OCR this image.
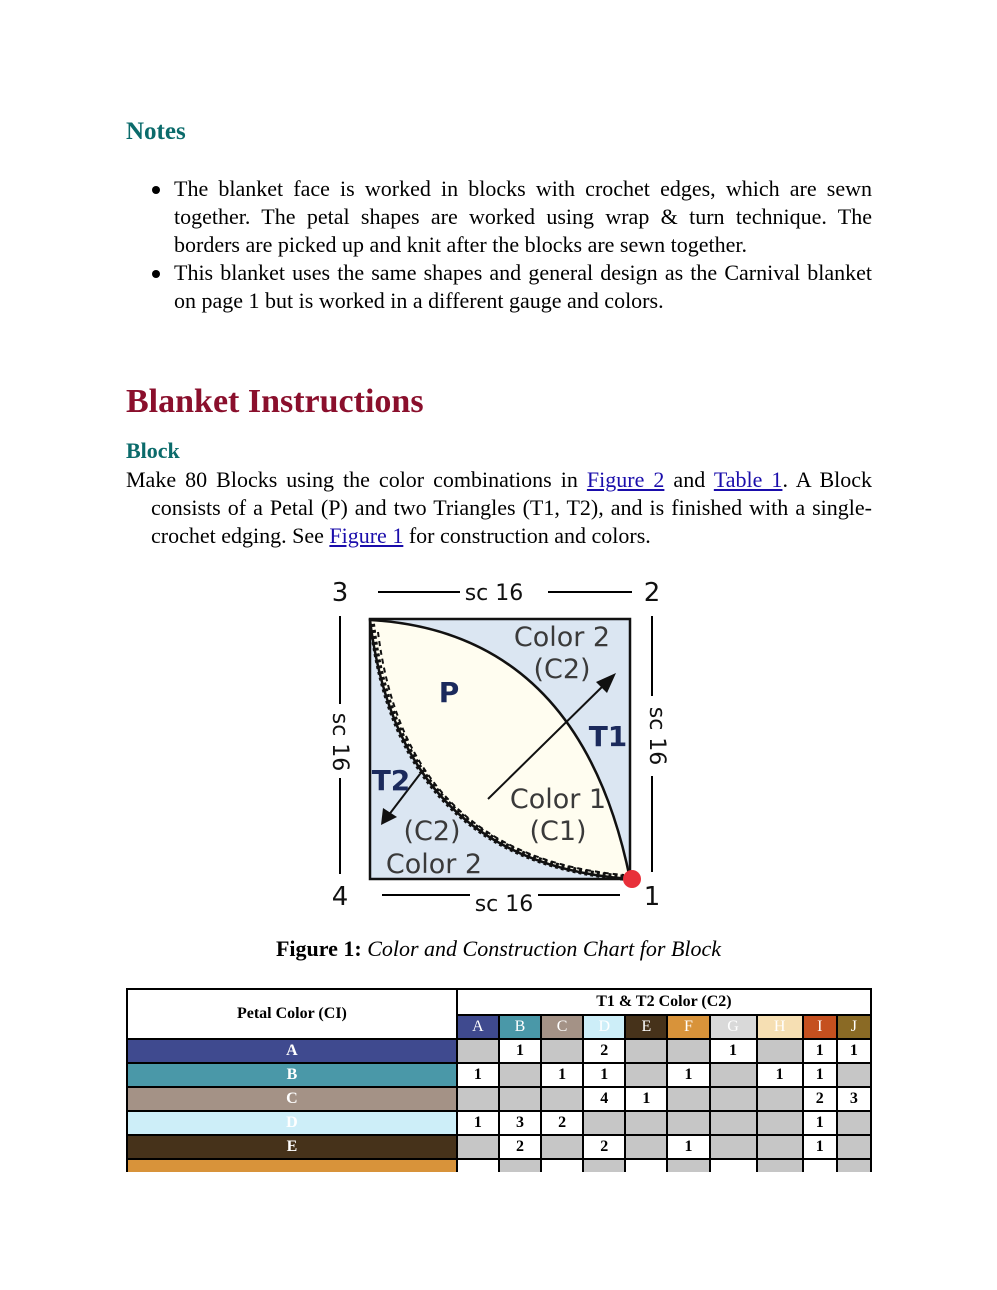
Notes
The blanket face is worked in blocks with crochet edges, which are sewn together. The petal shapes are worked using wrap & turn technique. The borders are picked up and knit after the blocks are sewn together.
This blanket uses the same shapes and general design as the Carnival blanket on page 1 but is worked in a different gauge and colors.
Blanket Instructions
Block

Make 80 Blocks using the color combinations in Figure 2 and Table 1. A Block consists of a Petal (P) and two Triangles (T1, T2), and is finished with a single-crochet edging. See Figure 1 for construction and colors.

3	2
4	1
sc 16
sc 16
sc 16	sc 16
P
T1
T2
Color 2
(C2)
Color 1
(C1)
(C2)
Color 2
Figure 1: Color and Construction Chart for Block
Petal Color (CI)	T1 & T2 Color (C2)									
	A	B	C	D	E	F	G	H	I	J
A		1		2			1		1	1
B	1		1	1		1		1	1	
C				4	1				2	3
D	1	3	2						1	
E		2		2		1			1	
